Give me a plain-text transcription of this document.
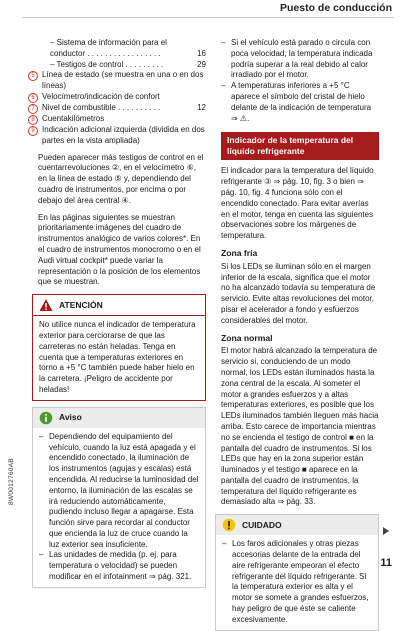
Puesto de conducción
– Sistema de información para el conductor . . . . . . . . . . . . . . . . .	16
– Testigos de control . . . . . . . . .	29
5 Línea de estado (se muestra en una o en dos líneas)
6 Velocímetro/indicación de confort
7 Nivel de combustible . . . . . . . . . .	12
8 Cuentakilómetros
9 Indicación adicional izquierda (dividida en dos partes en la vista ampliada)

Pueden aparecer más testigos de control en el cuentarrevoluciones ②, en el velocímetro ⑥, en la línea de estado ⑤ y, dependiendo del cuadro de instrumentos, por encima o por debajo del área central ④.

En las páginas siguientes se muestran prioritariamente imágenes del cuadro de instrumentos analógico de varios colores*. En el cuadro de instrumentos monocromo o en el Audi virtual cockpit* puede variar la representación o la posición de los elementos que se muestran.

ATENCIÓN
No utilice nunca el indicador de temperatura exterior para cerciorarse de que las carreteras no están heladas. Tenga en cuenta que a temperaturas exteriores en torno a +5 °C también puede haber hielo en la carretera. ¡Peligro de accidente por heladas!
Aviso
– Dependiendo del equipamiento del vehículo, cuando la luz está apagada y el encendido conectado, la iluminación de los instrumentos (agujas y escalas) está encendida. Al reducirse la luminosidad del entorno, la iluminación de las escalas se irá reduciendo automáticamente, pudiendo incluso llegar a apagarse. Esta función sirve para recordar al conductor que encienda la luz de cruce cuando la luz exterior sea insuficiente.
– Las unidades de medida (p. ej. para temperatura o velocidad) se pueden modificar en el infotainment ⇒ pág. 321.
– Si el vehículo está parado o circula con poca velocidad, la temperatura indicada podría superar a la real debido al calor irradiado por el motor.
– A temperaturas inferiores a +5 °C aparece el símbolo del cristal de hielo delante de la indicación de temperatura ⇒ ⚠.
Indicador de la temperatura del líquido refrigerante

El indicador para la temperatura del líquido refrigerante ③ ⇒ pág. 10, fig. 3 o bien ⇒ pág. 10, fig. 4 funciona sólo con el encendido conectado. Para evitar averías en el motor, tenga en cuenta las siguientes observaciones sobre los márgenes de temperatura.

Zona fría

Si los LEDs se iluminan sólo en el margen inferior de la escala, significa que el motor no ha alcanzado todavía su temperatura de servicio. Evite altas revoluciones del motor, pisar el acelerador a fondo y esfuerzos considerables del motor.

Zona normal

El motor habrá alcanzado la temperatura de servicio si, conduciendo de un modo normal, los LEDs están iluminados hasta la zona central de la escala. Al someter el motor a grandes esfuerzos y a altas temperaturas exteriores, es posible que los LEDs iluminados también lleguen más hacia arriba. Esto carece de importancia mientras no se encienda el testigo de control ■ en la pantalla del cuadro de instrumentos. Si los LEDs que hay en la zona superior están iluminados y el testigo ■ aparece en la pantalla del cuadro de instrumentos, la temperatura del líquido refrigerante es demasiado alta ⇒ pág. 33.

CUIDADO
– Los faros adicionales y otras piezas accesorias delante de la entrada del aire refrigerante empeoran el efecto refrigerante del líquido refrigerante. Si la temperatura exterior es alta y el motor se somete a grandes esfuerzos, hay peligro de que éste se caliente excesivamente.
8W0012760AB
11
